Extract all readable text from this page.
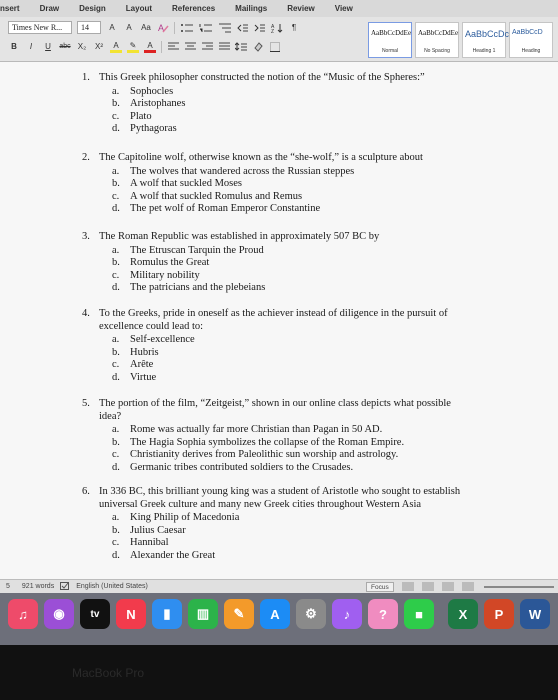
nsert	Draw	Design	Layout	References	Mailings	Review	View
Times New R...	14	A	A	Aa A	A
Z	¶
B	I	U	abc X₂ X²	A	✎	A
AaBbCcDdEe
Normal
AaBbCcDdEe
No Spacing
AaBbCcDc
Heading 1
AaBbCcD
Heading
1. This Greek philosopher constructed the notion of the “Music of the Spheres:”
a.	Sophocles
b. Aristophanes
c.	Plato
d. Pythagoras
2. The Capitoline wolf, otherwise known as the “she-wolf,” is a sculpture about
a.	The wolves that wandered across the Russian steppes
b. A wolf that suckled Moses
c.	A wolf that suckled Romulus and Remus
d. The pet wolf of Roman Emperor Constantine
3. The Roman Republic was established in approximately 507 BC by
a.	The Etruscan Tarquin the Proud
b. Romulus the Great
c.	Military nobility
d. The patricians and the plebeians
4. To the Greeks, pride in oneself as the achiever instead of diligence in the pursuit of excellence could lead to:
a.	Self-excellence
b. Hubris
c.	Arête
d. Virtue
5. The portion of the film, “Zeitgeist,” shown in our online class depicts what possible idea?
a.	Rome was actually far more Christian than Pagan in 50 AD.
b. The Hagia Sophia symbolizes the collapse of the Roman Empire.
c.	Christianity derives from Paleolithic sun worship and astrology.
d. Germanic tribes contributed soldiers to the Crusades.
6. In 336 BC, this brilliant young king was a student of Aristotle who sought to establish universal Greek culture and many new Greek cities throughout Western Asia
a.	King Philip of Macedonia
b. Julius Caesar
c.	Hannibal
d. Alexander the Great
5 921 words	English (United States)	Focus
♫	◉	tv	N	▮	▥	✎	A	⚙	♪	?	■	X	P	W
MacBook Pro
